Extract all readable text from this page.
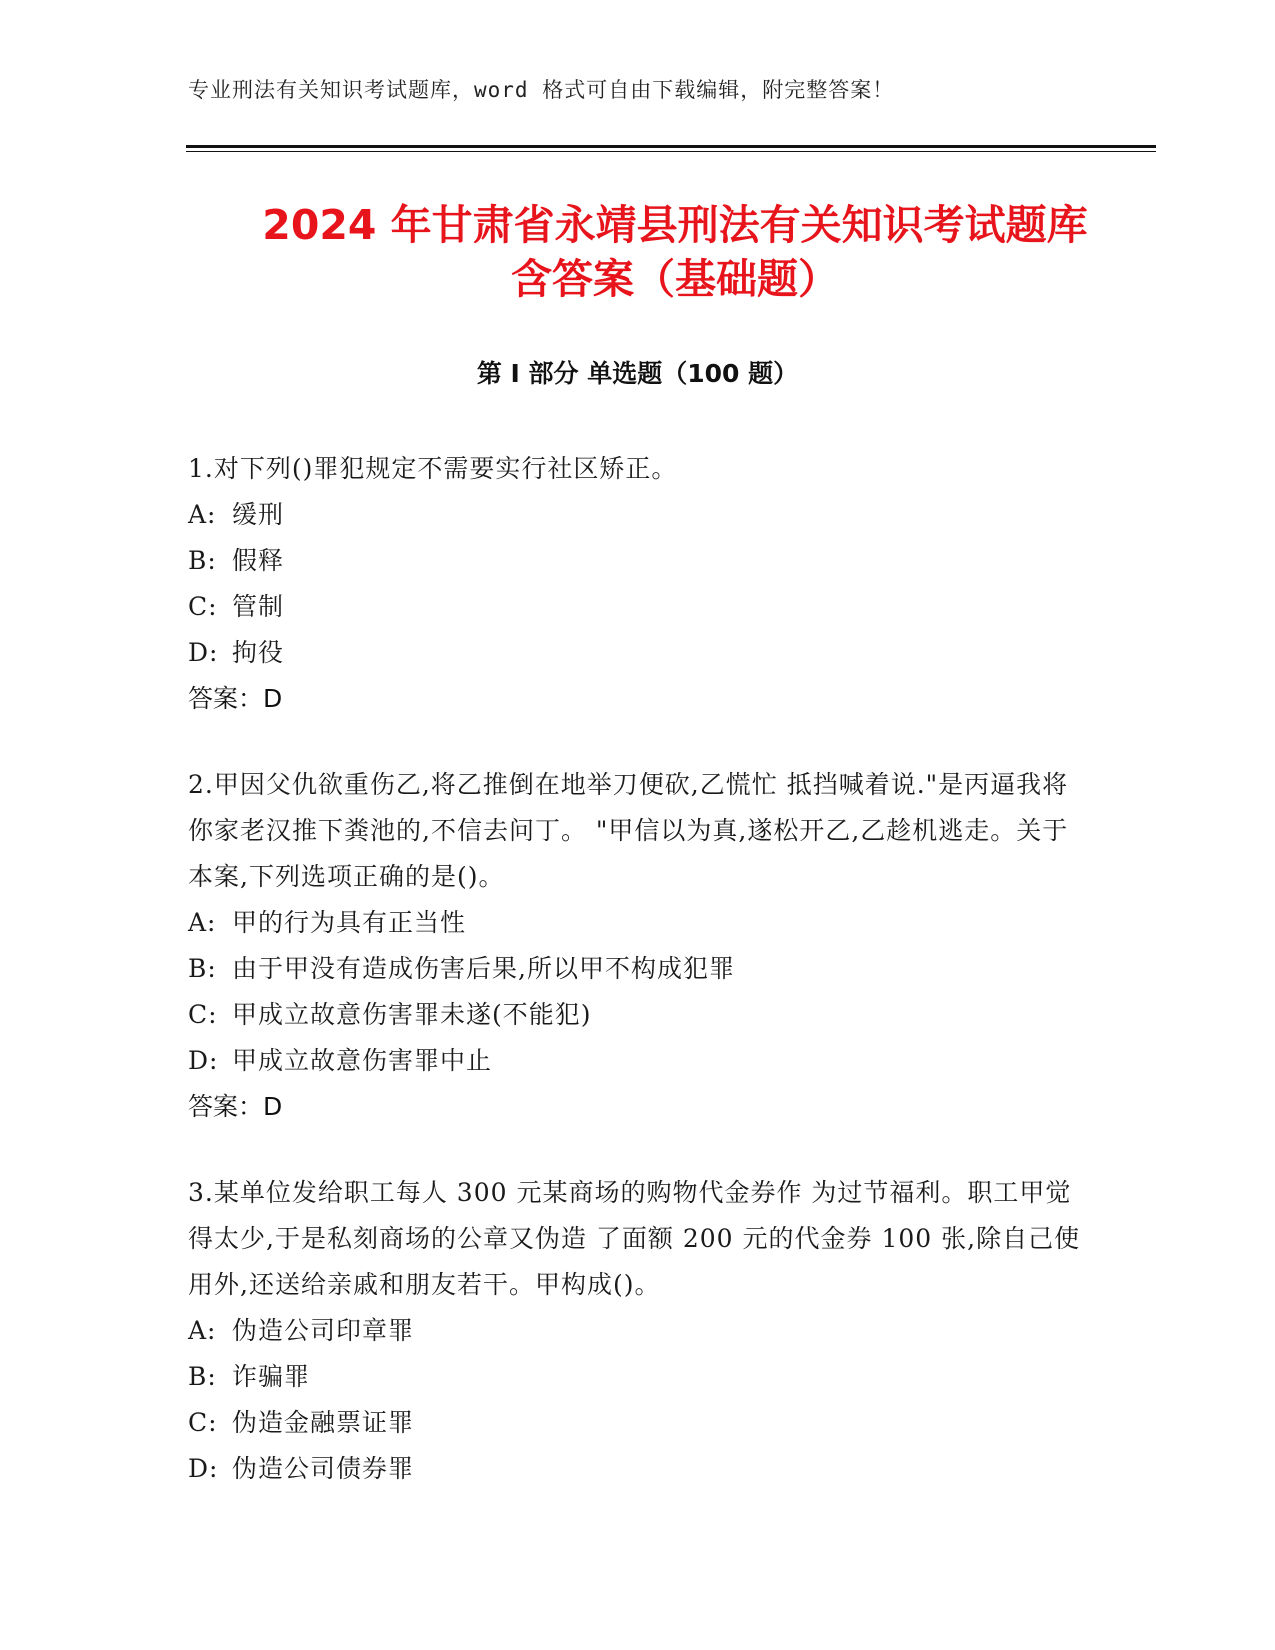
专业刑法有关知识考试题库，word 格式可自由下载编辑，附完整答案！
2024 年甘肃省永靖县刑法有关知识考试题库
含答案（基础题）
第 I 部分 单选题（100 题）
1.对下列()罪犯规定不需要实行社区矫正。
A: 缓刑
B: 假释
C: 管制
D: 拘役
答案：D
2.甲因父仇欲重伤乙,将乙推倒在地举刀便砍,乙慌忙 抵挡喊着说."是丙逼我将你家老汉推下粪池的,不信去问丁。 "甲信以为真,遂松开乙,乙趁机逃走。关于本案,下列选项正确的是()。
A: 甲的行为具有正当性
B: 由于甲没有造成伤害后果,所以甲不构成犯罪
C: 甲成立故意伤害罪未遂(不能犯)
D: 甲成立故意伤害罪中止
答案：D
3.某单位发给职工每人 300 元某商场的购物代金券作 为过节福利。职工甲觉得太少,于是私刻商场的公章又伪造 了面额 200 元的代金券 100 张,除自己使用外,还送给亲戚和朋友若干。甲构成()。
A: 伪造公司印章罪
B: 诈骗罪
C: 伪造金融票证罪
D: 伪造公司债券罪
